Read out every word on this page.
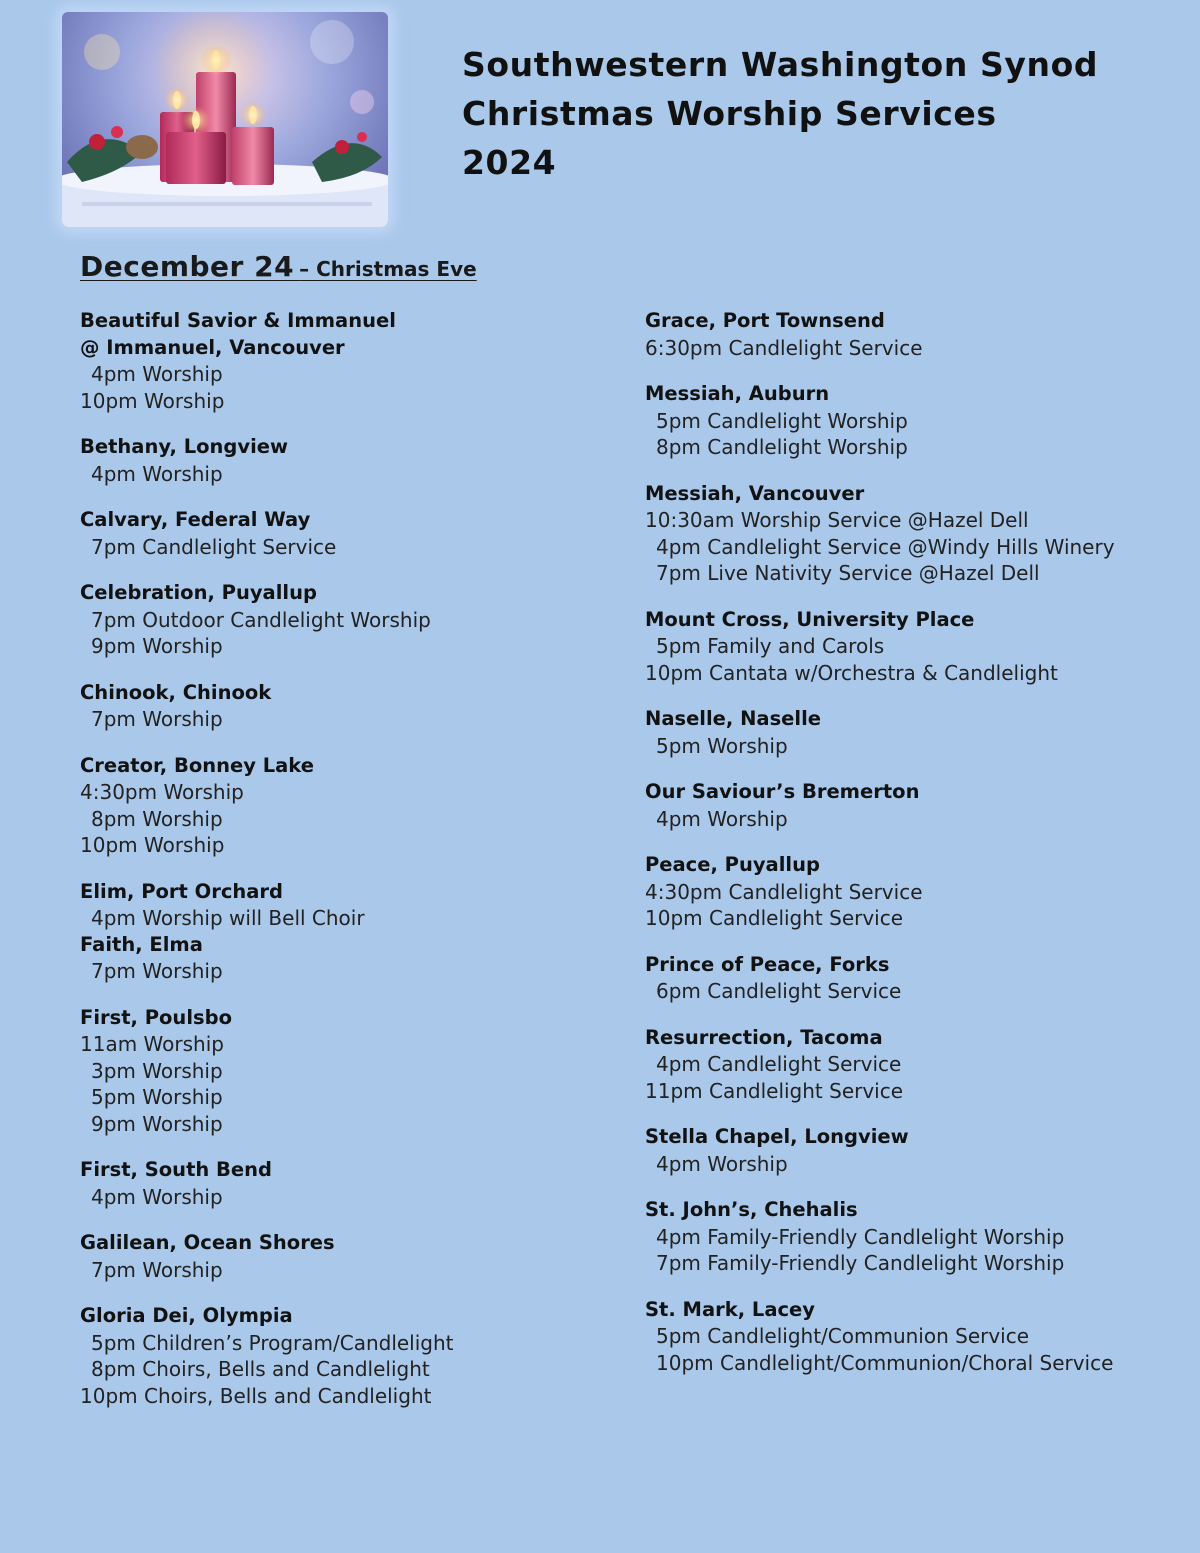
Southwestern Washington Synod
Christmas Worship Services
2024
December 24 – Christmas Eve
Beautiful Savior & Immanuel
@ Immanuel, Vancouver
4pm Worship
10pm Worship
Bethany, Longview
4pm Worship
Calvary, Federal Way
7pm Candlelight Service
Celebration, Puyallup
7pm Outdoor Candlelight Worship
9pm Worship
Chinook, Chinook
7pm Worship
Creator, Bonney Lake
4:30pm Worship
8pm Worship
10pm Worship
Elim, Port Orchard
4pm Worship will Bell Choir
Faith, Elma
7pm Worship
First, Poulsbo
11am Worship
3pm Worship
5pm Worship
9pm Worship
First, South Bend
4pm Worship
Galilean, Ocean Shores
7pm Worship
Gloria Dei, Olympia
5pm Children’s Program/Candlelight
8pm Choirs, Bells and Candlelight
10pm Choirs, Bells and Candlelight
Grace, Port Townsend
6:30pm Candlelight Service
Messiah, Auburn
5pm Candlelight Worship
8pm Candlelight Worship
Messiah, Vancouver
10:30am Worship Service @Hazel Dell
4pm Candlelight Service @Windy Hills Winery
7pm Live Nativity Service @Hazel Dell
Mount Cross, University Place
5pm Family and Carols
10pm Cantata w/Orchestra & Candlelight
Naselle, Naselle
5pm Worship
Our Saviour’s Bremerton
4pm Worship
Peace, Puyallup
4:30pm Candlelight Service
10pm Candlelight Service
Prince of Peace, Forks
6pm Candlelight Service
Resurrection, Tacoma
4pm Candlelight Service
11pm Candlelight Service
Stella Chapel, Longview
4pm Worship
St. John’s, Chehalis
4pm Family-Friendly Candlelight Worship
7pm Family-Friendly Candlelight Worship
St. Mark, Lacey
5pm Candlelight/Communion Service
10pm Candlelight/Communion/Choral Service
